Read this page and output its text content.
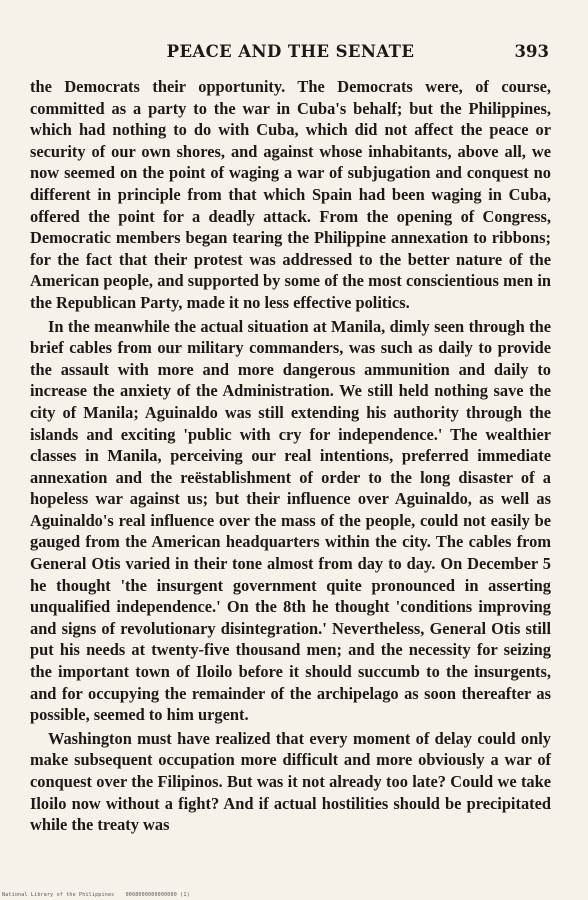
PEACE AND THE SENATE	393

the Democrats their opportunity. The Democrats were, of course, committed as a party to the war in Cuba's behalf; but the Philippines, which had nothing to do with Cuba, which did not affect the peace or security of our own shores, and against whose inhabitants, above all, we now seemed on the point of waging a war of subjugation and conquest no different in principle from that which Spain had been waging in Cuba, offered the point for a deadly attack. From the opening of Congress, Democratic members began tearing the Philippine annexation to ribbons; for the fact that their protest was addressed to the better nature of the American people, and supported by some of the most conscientious men in the Republican Party, made it no less effective politics.

In the meanwhile the actual situation at Manila, dimly seen through the brief cables from our military commanders, was such as daily to provide the assault with more and more dangerous ammunition and daily to increase the anxiety of the Administration. We still held nothing save the city of Manila; Aguinaldo was still extending his authority through the islands and exciting 'public with cry for independence.' The wealthier classes in Manila, perceiving our real intentions, preferred immediate annexation and the reëstablishment of order to the long disaster of a hopeless war against us; but their influence over Aguinaldo, as well as Aguinaldo's real influence over the mass of the people, could not easily be gauged from the American headquarters within the city. The cables from General Otis varied in their tone almost from day to day. On December 5 he thought 'the insurgent government quite pronounced in asserting unqualified independence.' On the 8th he thought 'conditions improving and signs of revolutionary disintegration.' Nevertheless, General Otis still put his needs at twenty-five thousand men; and the necessity for seizing the important town of Iloilo before it should succumb to the insurgents, and for occupying the remainder of the archipelago as soon thereafter as possible, seemed to him urgent.

Washington must have realized that every moment of delay could only make subsequent occupation more difficult and more obviously a war of conquest over the Filipinos. But was it not already too late? Could we take Iloilo now without a fight? And if actual hostilities should be precipitated while the treaty was

National Library of the Philippines 0008000000000000 (1)
